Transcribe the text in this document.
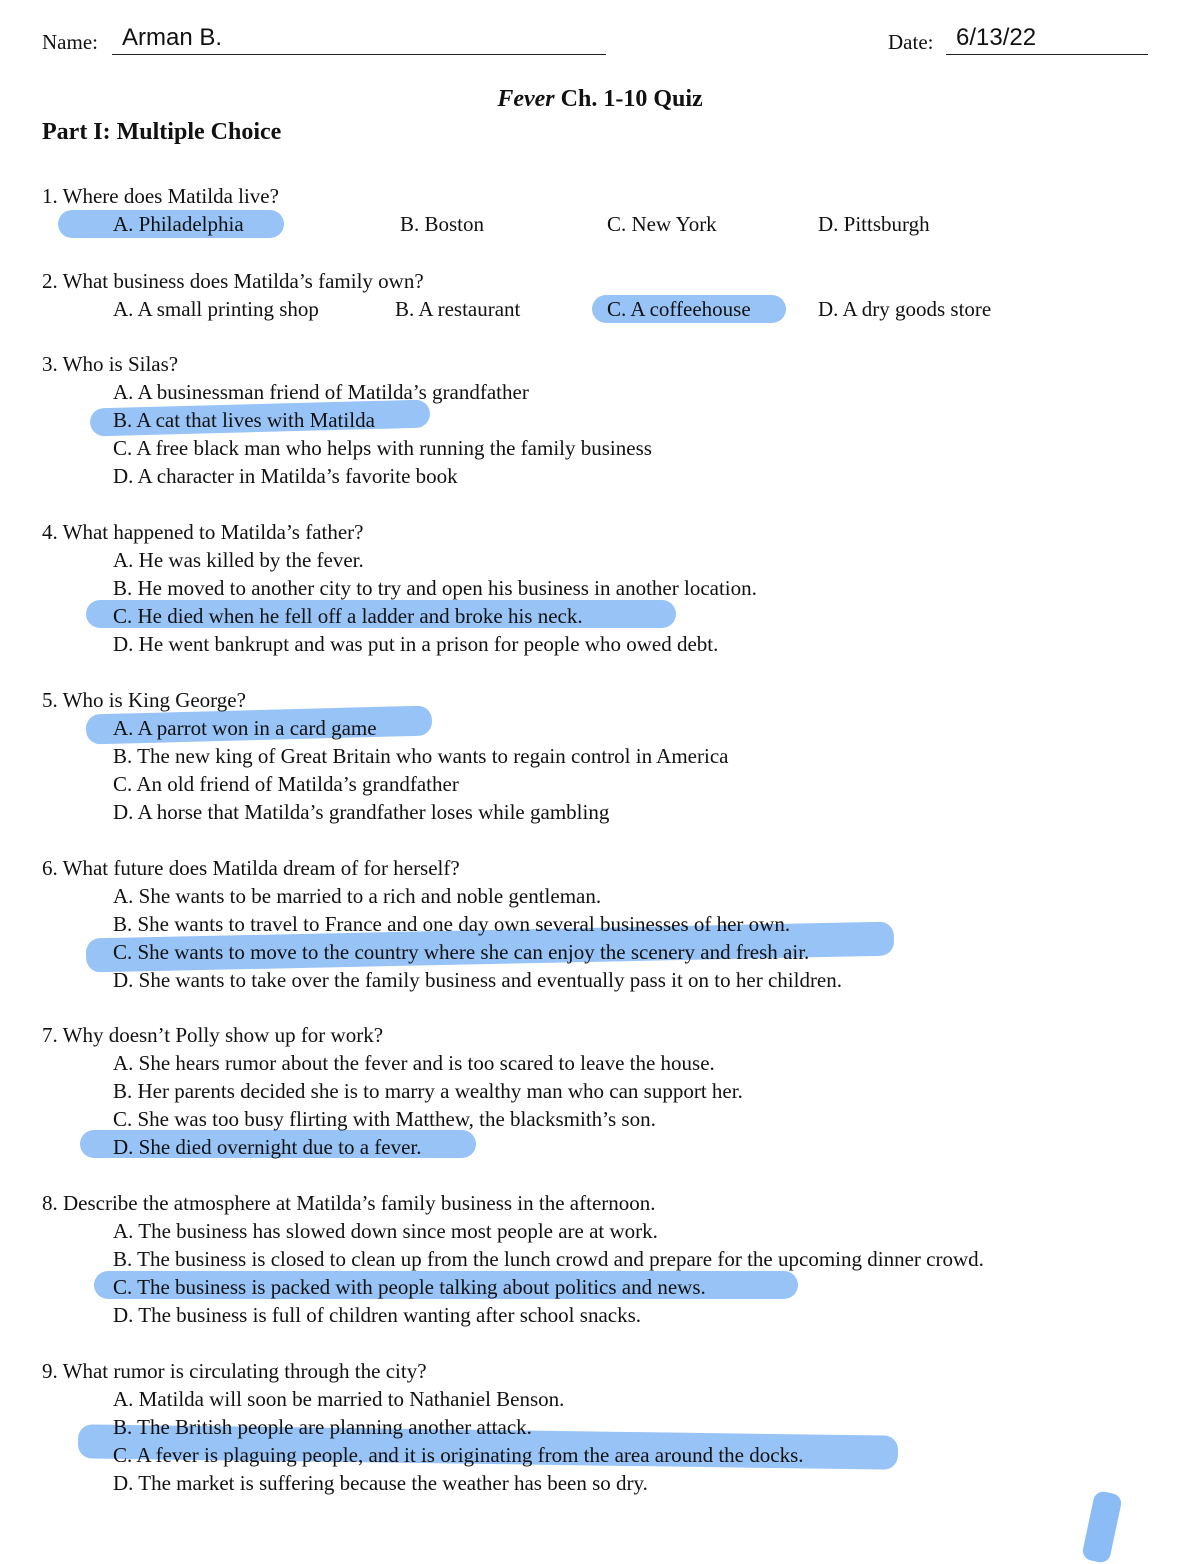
Name: Arman B.	Date: 6/13/22
Fever Ch. 1-10 Quiz
Part I: Multiple Choice
1. Where does Matilda live?
A. Philadelphia	B. Boston	C. New York	D. Pittsburgh
2. What business does Matilda’s family own?
A. A small printing shop	B. A restaurant	C. A coffeehouse	D. A dry goods store
3. Who is Silas?
A. A businessman friend of Matilda’s grandfather
B. A cat that lives with Matilda
C. A free black man who helps with running the family business
D. A character in Matilda’s favorite book
4. What happened to Matilda’s father?
A. He was killed by the fever.
B. He moved to another city to try and open his business in another location.
C. He died when he fell off a ladder and broke his neck.
D. He went bankrupt and was put in a prison for people who owed debt.
5. Who is King George?
A. A parrot won in a card game
B. The new king of Great Britain who wants to regain control in America
C. An old friend of Matilda’s grandfather
D. A horse that Matilda’s grandfather loses while gambling
6. What future does Matilda dream of for herself?
A. She wants to be married to a rich and noble gentleman.
B. She wants to travel to France and one day own several businesses of her own.
C. She wants to move to the country where she can enjoy the scenery and fresh air.
D. She wants to take over the family business and eventually pass it on to her children.
7. Why doesn’t Polly show up for work?
A. She hears rumor about the fever and is too scared to leave the house.
B. Her parents decided she is to marry a wealthy man who can support her.
C. She was too busy flirting with Matthew, the blacksmith’s son.
D. She died overnight due to a fever.
8. Describe the atmosphere at Matilda’s family business in the afternoon.
A. The business has slowed down since most people are at work.
B. The business is closed to clean up from the lunch crowd and prepare for the upcoming dinner crowd.
C. The business is packed with people talking about politics and news.
D. The business is full of children wanting after school snacks.
9. What rumor is circulating through the city?
A. Matilda will soon be married to Nathaniel Benson.
B. The British people are planning another attack.
C. A fever is plaguing people, and it is originating from the area around the docks.
D. The market is suffering because the weather has been so dry.
